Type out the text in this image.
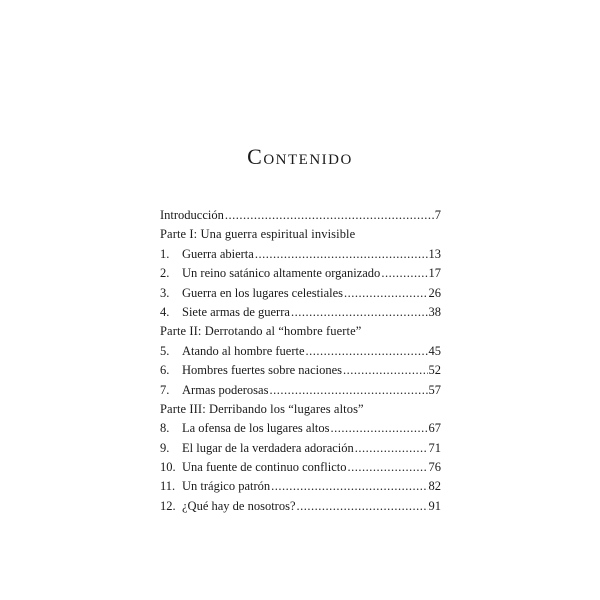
Contenido
Introducción .....	7
Parte I: Una guerra espiritual invisible
1.	Guerra abierta .....	13
2.	Un reino satánico altamente organizado .....	17
3.	Guerra en los lugares celestiales .....	26
4.	Siete armas de guerra .....	38
Parte II: Derrotando al “hombre fuerte”
5.	Atando al hombre fuerte .....	45
6.	Hombres fuertes sobre naciones .....	52
7.	Armas poderosas .....	57
Parte III: Derribando los “lugares altos”
8.	La ofensa de los lugares altos .....	67
9.	El lugar de la verdadera adoración .....	71
10. Una fuente de continuo conflicto .....	76
11. Un trágico patrón .....	82
12. ¿Qué hay de nosotros? .....	91
